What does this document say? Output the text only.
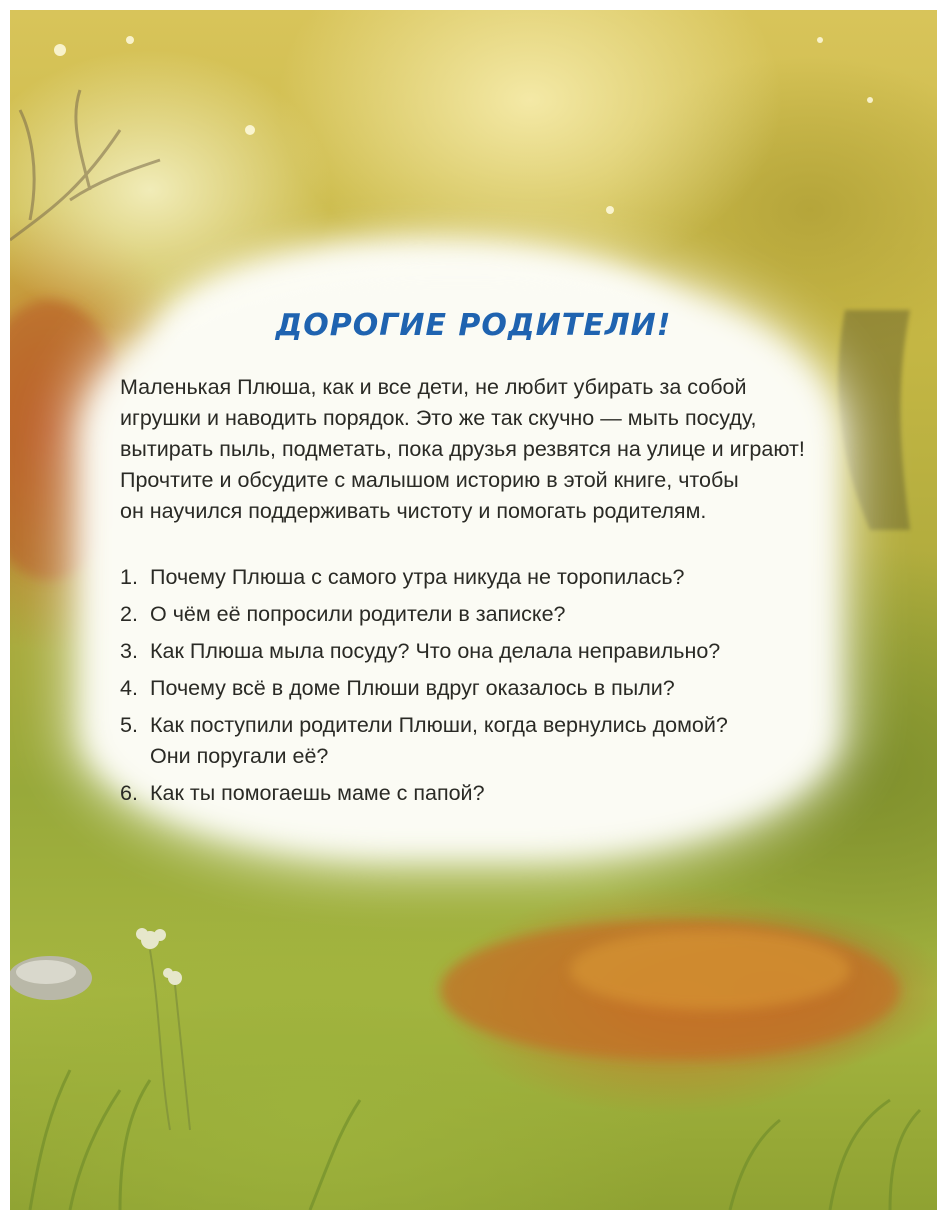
ДОРОГИЕ РОДИТЕЛИ!

Маленькая Плюша, как и все дети, не любит убирать за собой
игрушки и наводить порядок. Это же так скучно — мыть посуду,
вытирать пыль, подметать, пока друзья резвятся на улице и играют!
Прочтите и обсудите с малышом историю в этой книге, чтобы
он научился поддерживать чистоту и помогать родителям.

1. Почему Плюша с самого утра никуда не торопилась?
2. О чём её попросили родители в записке?
3. Как Плюша мыла посуду? Что она делала неправильно?
4. Почему всё в доме Плюши вдруг оказалось в пыли?
5. Как поступили родители Плюши, когда вернулись домой?
Они поругали её?
6. Как ты помогаешь маме с папой?
